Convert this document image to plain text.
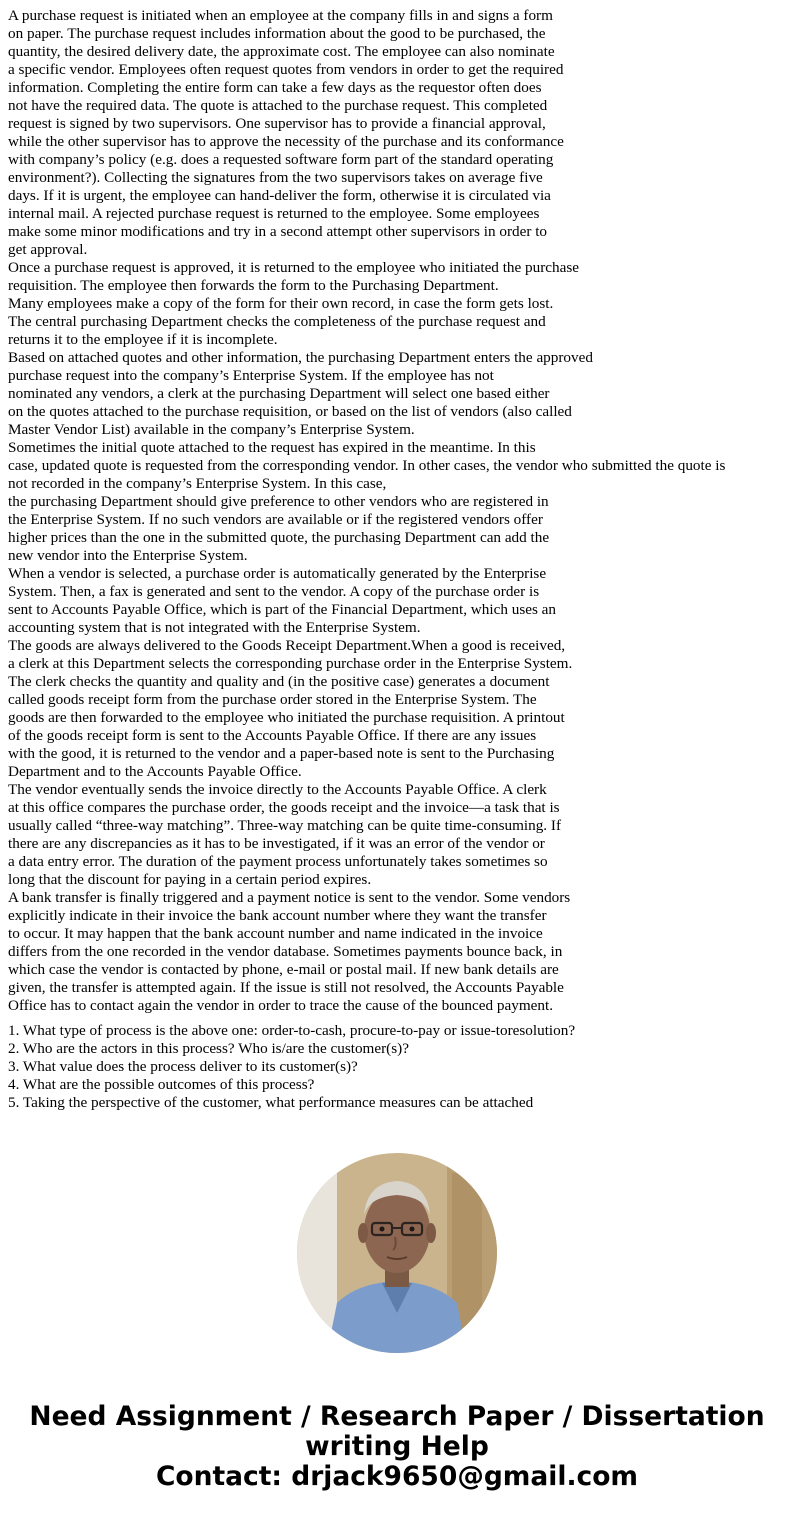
A purchase request is initiated when an employee at the company fills in and signs a form
on paper. The purchase request includes information about the good to be purchased, the
quantity, the desired delivery date, the approximate cost. The employee can also nominate
a specific vendor. Employees often request quotes from vendors in order to get the required
information. Completing the entire form can take a few days as the requestor often does
not have the required data. The quote is attached to the purchase request. This completed
request is signed by two supervisors. One supervisor has to provide a financial approval,
while the other supervisor has to approve the necessity of the purchase and its conformance
with company’s policy (e.g. does a requested software form part of the standard operating
environment?). Collecting the signatures from the two supervisors takes on average five
days. If it is urgent, the employee can hand-deliver the form, otherwise it is circulated via
internal mail. A rejected purchase request is returned to the employee. Some employees
make some minor modifications and try in a second attempt other supervisors in order to
get approval.
Once a purchase request is approved, it is returned to the employee who initiated the purchase
requisition. The employee then forwards the form to the Purchasing Department.
Many employees make a copy of the form for their own record, in case the form gets lost.
The central purchasing Department checks the completeness of the purchase request and
returns it to the employee if it is incomplete.
Based on attached quotes and other information, the purchasing Department enters the approved
purchase request into the company’s Enterprise System. If the employee has not
nominated any vendors, a clerk at the purchasing Department will select one based either
on the quotes attached to the purchase requisition, or based on the list of vendors (also called
Master Vendor List) available in the company’s Enterprise System.
Sometimes the initial quote attached to the request has expired in the meantime. In this
case, updated quote is requested from the corresponding vendor. In other cases, the vendor who submitted the quote is
not recorded in the company’s Enterprise System. In this case,
the purchasing Department should give preference to other vendors who are registered in
the Enterprise System. If no such vendors are available or if the registered vendors offer
higher prices than the one in the submitted quote, the purchasing Department can add the
new vendor into the Enterprise System.
When a vendor is selected, a purchase order is automatically generated by the Enterprise
System. Then, a fax is generated and sent to the vendor. A copy of the purchase order is
sent to Accounts Payable Office, which is part of the Financial Department, which uses an
accounting system that is not integrated with the Enterprise System.
The goods are always delivered to the Goods Receipt Department.When a good is received,
a clerk at this Department selects the corresponding purchase order in the Enterprise System.
The clerk checks the quantity and quality and (in the positive case) generates a document
called goods receipt form from the purchase order stored in the Enterprise System. The
goods are then forwarded to the employee who initiated the purchase requisition. A printout
of the goods receipt form is sent to the Accounts Payable Office. If there are any issues
with the good, it is returned to the vendor and a paper-based note is sent to the Purchasing
Department and to the Accounts Payable Office.
The vendor eventually sends the invoice directly to the Accounts Payable Office. A clerk
at this office compares the purchase order, the goods receipt and the invoice—a task that is
usually called “three-way matching”. Three-way matching can be quite time-consuming. If
there are any discrepancies as it has to be investigated, if it was an error of the vendor or
a data entry error. The duration of the payment process unfortunately takes sometimes so
long that the discount for paying in a certain period expires.
A bank transfer is finally triggered and a payment notice is sent to the vendor. Some vendors
explicitly indicate in their invoice the bank account number where they want the transfer
to occur. It may happen that the bank account number and name indicated in the invoice
differs from the one recorded in the vendor database. Sometimes payments bounce back, in
which case the vendor is contacted by phone, e-mail or postal mail. If new bank details are
given, the transfer is attempted again. If the issue is still not resolved, the Accounts Payable
Office has to contact again the vendor in order to trace the cause of the bounced payment.
1. What type of process is the above one: order-to-cash, procure-to-pay or issue-toresolution?
2. Who are the actors in this process? Who is/are the customer(s)?
3. What value does the process deliver to its customer(s)?
4. What are the possible outcomes of this process?
5. Taking the perspective of the customer, what performance measures can be attached
Need Assignment / Research Paper / Dissertation
writing Help
Contact: drjack9650@gmail.com
